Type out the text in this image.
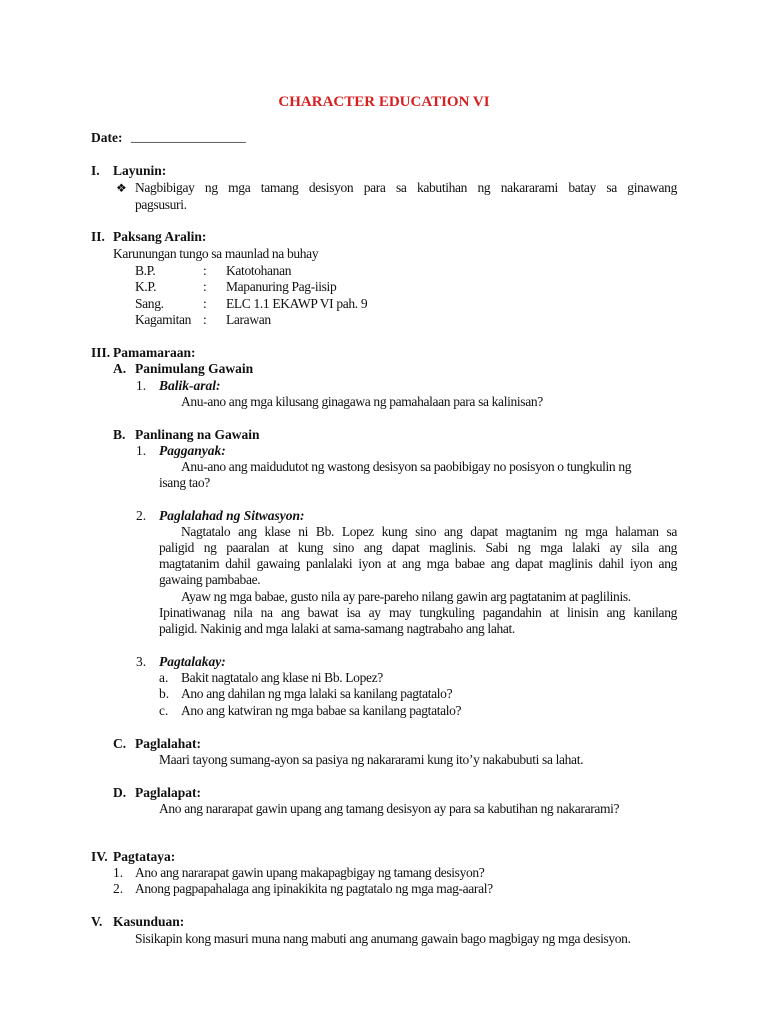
CHARACTER EDUCATION VI
Date: _________________
I. Layunin:
❖ Nagbibigay ng mga tamang desisyon para sa kabutihan ng nakararami batay sa ginawang
pagsusuri.
II. Paksang Aralin:
Karunungan tungo sa maunlad na buhay
B.P.	: Katotohanan
K.P.	: Mapanuring Pag-iisip
Sang.	: ELC 1.1 EKAWP VI pah. 9
Kagamitan : Larawan
III. Pamamaraan:
A. Panimulang Gawain
1. Balik-aral:
Anu-ano ang mga kilusang ginagawa ng pamahalaan para sa kalinisan?
B. Panlinang na Gawain
1. Pagganyak:
Anu-ano ang maidudutot ng wastong desisyon sa paobibigay no posisyon o tungkulin ng
isang tao?
2. Paglalahad ng Sitwasyon:
Nagtatalo ang klase ni Bb. Lopez kung sino ang dapat magtanim ng mga halaman sa
paligid ng paaralan at kung sino ang dapat maglinis. Sabi ng mga lalaki ay sila ang
magtatanim dahil gawaing panlalaki iyon at ang mga babae ang dapat maglinis dahil iyon ang
gawaing pambabae.
Ayaw ng mga babae, gusto nila ay pare-pareho nilang gawin arg pagtatanim at paglilinis.
Ipinatiwanag nila na ang bawat isa ay may tungkuling pagandahin at linisin ang kanilang
paligid. Nakinig and mga lalaki at sama-samang nagtrabaho ang lahat.
3. Pagtalakay:
a. Bakit nagtatalo ang klase ni Bb. Lopez?
b. Ano ang dahilan ng mga lalaki sa kanilang pagtatalo?
c. Ano ang katwiran ng mga babae sa kanilang pagtatalo?
C. Paglalahat:
Maari tayong sumang-ayon sa pasiya ng nakararami kung ito’y nakabubuti sa lahat.
D. Paglalapat:
Ano ang nararapat gawin upang ang tamang desisyon ay para sa kabutihan ng nakararami?
IV. Pagtataya:
1. Ano ang nararapat gawin upang makapagbigay ng tamang desisyon?
2. Anong pagpapahalaga ang ipinakikita ng pagtatalo ng mga mag-aaral?
V. Kasunduan:
Sisikapin kong masuri muna nang mabuti ang anumang gawain bago magbigay ng mga desisyon.
